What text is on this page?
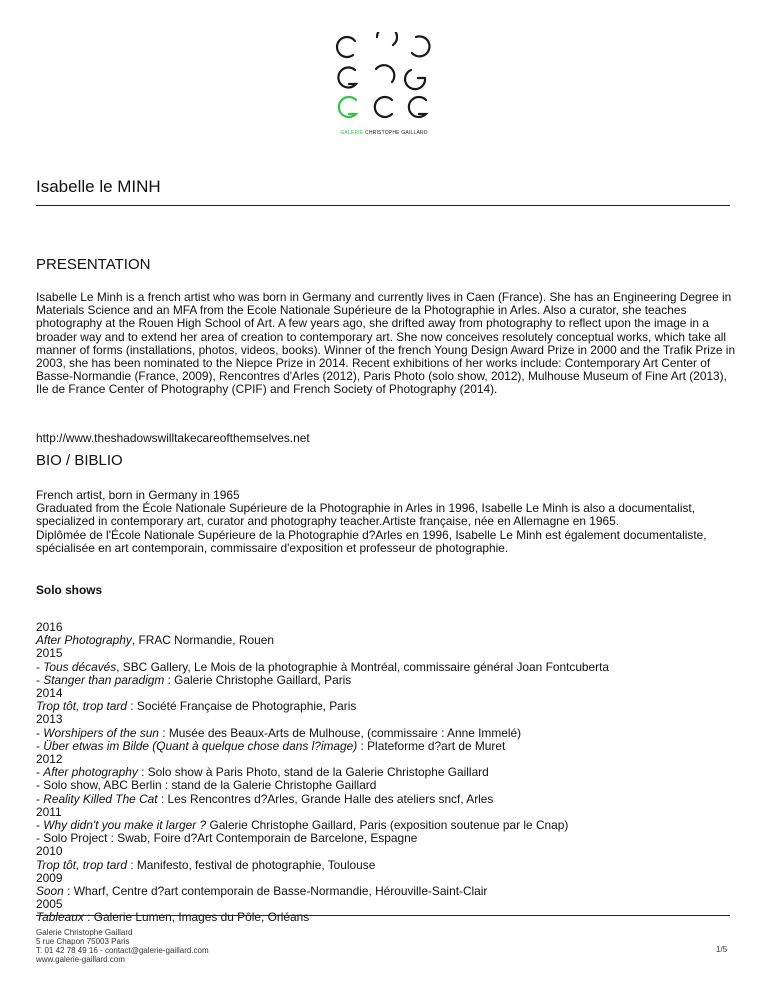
GALERIE CHRISTOPHE GAILLARD
Isabelle le MINH
PRESENTATION

Isabelle Le Minh is a french artist who was born in Germany and currently lives in Caen (France). She has an Engineering Degree in Materials Science and an MFA from the Ecole Nationale Supérieure de la Photographie in Arles. Also a curator, she teaches photography at the Rouen High School of Art. A few years ago, she drifted away from photography to reflect upon the image in a broader way and to extend her area of creation to contemporary art. She now conceives resolutely conceptual works, which take all manner of forms (installations, photos, videos, books). Winner of the french Young Design Award Prize in 2000 and the Trafik Prize in 2003, she has been nominated to the Niepce Prize in 2014. Recent exhibitions of her works include: Contemporary Art Center of Basse-Normandie (France, 2009), Rencontres d'Arles (2012), Paris Photo (solo show, 2012), Mulhouse Museum of Fine Art (2013), Ile de France Center of Photography (CPIF) and French Society of Photography (2014).

http://www.theshadowswilltakecareofthemselves.net

BIO / BIBLIO
French artist, born in Germany in 1965
Graduated from the École Nationale Supérieure de la Photographie in Arles in 1996, Isabelle Le Minh is also a documentalist, specialized in contemporary art, curator and photography teacher.Artiste française, née en Allemagne en 1965.
Diplômée de l'École Nationale Supérieure de la Photographie d?Arles en 1996, Isabelle Le Minh est également documentaliste, spécialisée en art contemporain, commissaire d'exposition et professeur de photographie.

Solo shows

2016
After Photography, FRAC Normandie, Rouen
2015
- Tous décavés, SBC Gallery, Le Mois de la photographie à Montréal, commissaire général Joan Fontcuberta
- Stanger than paradigm : Galerie Christophe Gaillard, Paris
2014
Trop tôt, trop tard : Société Française de Photographie, Paris
2013
- Worshipers of the sun : Musée des Beaux-Arts de Mulhouse, (commissaire : Anne Immelé)
- Über etwas im Bilde (Quant à quelque chose dans l?image) : Plateforme d?art de Muret
2012
- After photography : Solo show à Paris Photo, stand de la Galerie Christophe Gaillard
- Solo show, ABC Berlin : stand de la Galerie Christophe Gaillard
- Reality Killed The Cat : Les Rencontres d?Arles, Grande Halle des ateliers sncf, Arles
2011
- Why didn't you make it larger ? Galerie Christophe Gaillard, Paris (exposition soutenue par le Cnap)
- Solo Project : Swab, Foire d?Art Contemporain de Barcelone, Espagne
2010
Trop tôt, trop tard : Manifesto, festival de photographie, Toulouse
2009
Soon : Wharf, Centre d?art contemporain de Basse-Normandie, Hérouville-Saint-Clair
2005
Tableaux : Galerie Lumen, Images du Pôle, Orléans
Galerie Christophe Gaillard
5 rue Chapon 75003 Paris
T. 01 42 78 49 16 - contact@galerie-gaillard.com
www.galerie-gaillard.com
1/5
